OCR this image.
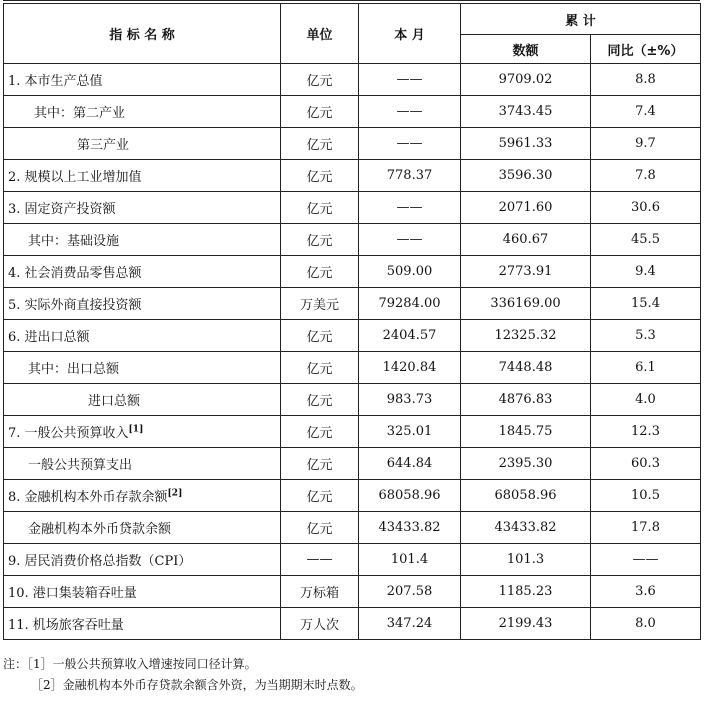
指 标 名 称	单位	本 月	累 计	
			数额	同比（±%）
1. 本市生产总值	亿元	——	9709.02	8.8
其中：第二产业	亿元	——	3743.45	7.4
第三产业	亿元	——	5961.33	9.7
2. 规模以上工业增加值	亿元	778.37	3596.30	7.8
3. 固定资产投资额	亿元	——	2071.60	30.6
其中：基础设施	亿元	——	460.67	45.5
4. 社会消费品零售总额	亿元	509.00	2773.91	9.4
5. 实际外商直接投资额	万美元	79284.00	336169.00	15.4
6. 进出口总额	亿元	2404.57	12325.32	5.3
其中：出口总额	亿元	1420.84	7448.48	6.1
进口总额	亿元	983.73	4876.83	4.0
7. 一般公共预算收入[1]	亿元	325.01	1845.75	12.3
一般公共预算支出	亿元	644.84	2395.30	60.3
8. 金融机构本外币存款余额[2]	亿元	68058.96	68058.96	10.5
金融机构本外币贷款余额	亿元	43433.82	43433.82	17.8
9. 居民消费价格总指数（CPI）	——	101.4	101.3	——
10. 港口集装箱吞吐量	万标箱	207.58	1185.23	3.6
11. 机场旅客吞吐量	万人次	347.24	2199.43	8.0
注：［1］一般公共预算收入增速按同口径计算。
［2］金融机构本外币存贷款余额含外资，为当期期末时点数。
